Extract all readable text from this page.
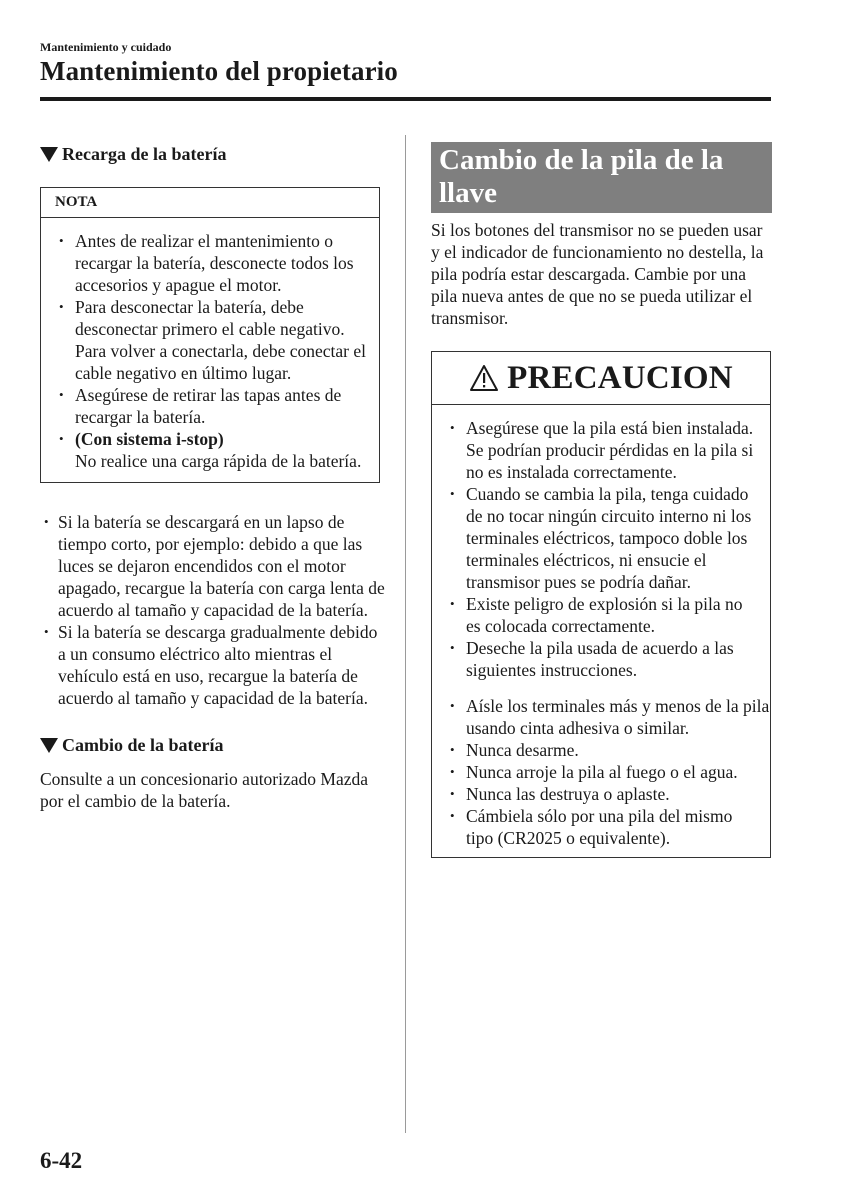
Mantenimiento y cuidado
Mantenimiento del propietario
Recarga de la batería
NOTA
• Antes de realizar el mantenimiento o recargar la batería, desconecte todos los accesorios y apague el motor.
• Para desconectar la batería, debe desconectar primero el cable negativo. Para volver a conectarla, debe conectar el cable negativo en último lugar.
• Asegúrese de retirar las tapas antes de recargar la batería.
• (Con sistema i-stop)
No realice una carga rápida de la batería.
• Si la batería se descargará en un lapso de tiempo corto, por ejemplo: debido a que las luces se dejaron encendidos con el motor apagado, recargue la batería con carga lenta de acuerdo al tamaño y capacidad de la batería.
• Si la batería se descarga gradualmente debido a un consumo eléctrico alto mientras el vehículo está en uso, recargue la batería de acuerdo al tamaño y capacidad de la batería.
Cambio de la batería

Consulte a un concesionario autorizado Mazda por el cambio de la batería.

Cambio de la pila de la llave

Si los botones del transmisor no se pueden usar y el indicador de funcionamiento no destella, la pila podría estar descargada. Cambie por una pila nueva antes de que no se pueda utilizar el transmisor.

PRECAUCION
• Asegúrese que la pila está bien instalada. Se podrían producir pérdidas en la pila si no es instalada correctamente.
• Cuando se cambia la pila, tenga cuidado de no tocar ningún circuito interno ni los terminales eléctricos, tampoco doble los terminales eléctricos, ni ensucie el transmisor pues se podría dañar.
• Existe peligro de explosión si la pila no es colocada correctamente.
• Deseche la pila usada de acuerdo a las siguientes instrucciones.
• Aísle los terminales más y menos de la pila usando cinta adhesiva o similar.
• Nunca desarme.
• Nunca arroje la pila al fuego o el agua.
• Nunca las destruya o aplaste.
• Cámbiela sólo por una pila del mismo tipo (CR2025 o equivalente).
6-42
